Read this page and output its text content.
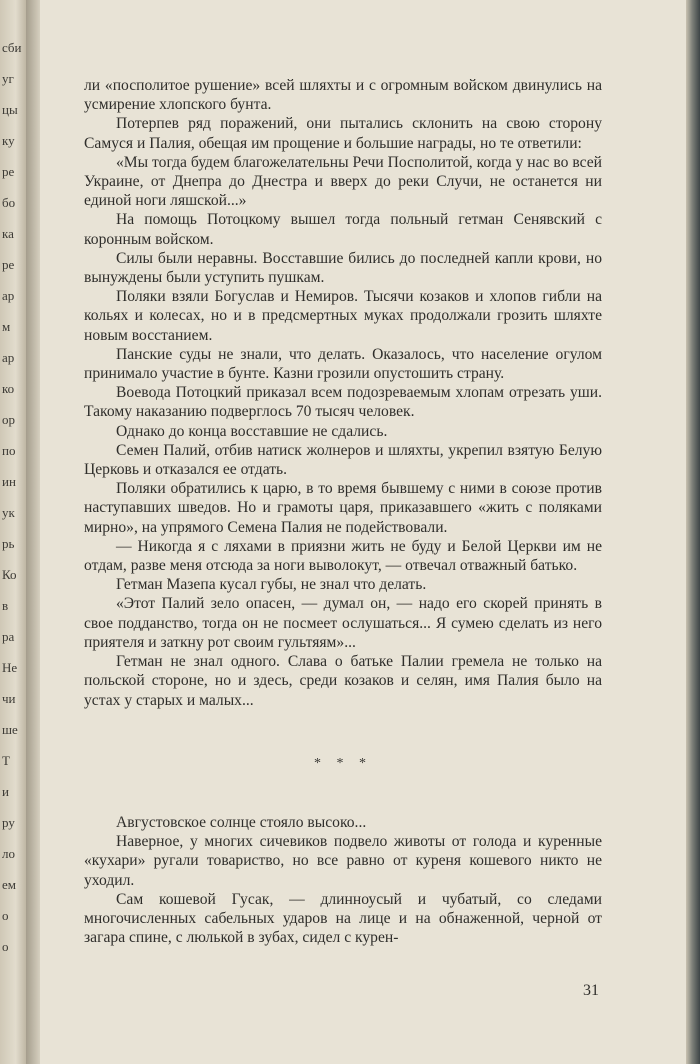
сби
уг
цы
ку
ре
бо
ка
ре
ар
м
ар
ко
ор
по
ин
ук
рь
Ко
в
ра
Не
чи
ше
Т
и
ру
ло
ем
о
о

ли «посполитое рушение» всей шляхты и с огромным войском двинулись на усмирение хлопского бунта.

Потерпев ряд поражений, они пытались склонить на свою сторону Самуся и Палия, обещая им прощение и большие награды, но те ответили:

«Мы тогда будем благожелательны Речи Посполитой, когда у нас во всей Украине, от Днепра до Днестра и вверх до реки Случи, не останется ни единой ноги ляшской...»

На помощь Потоцкому вышел тогда польный гетман Сенявский с коронным войском.

Силы были неравны. Восставшие бились до последней капли крови, но вынуждены были уступить пушкам.

Поляки взяли Богуслав и Немиров. Тысячи козаков и хлопов гибли на кольях и колесах, но и в предсмертных муках продолжали грозить шляхте новым восстанием.

Панские суды не знали, что делать. Оказалось, что население огулом принимало участие в бунте. Казни грозили опустошить страну.

Воевода Потоцкий приказал всем подозреваемым хлопам отрезать уши. Такому наказанию подверглось 70 тысяч человек.

Однако до конца восставшие не сдались.

Семен Палий, отбив натиск жолнеров и шляхты, укрепил взятую Белую Церковь и отказался ее отдать.

Поляки обратились к царю, в то время бывшему с ними в союзе против наступавших шведов. Но и грамоты царя, приказавшего «жить с поляками мирно», на упрямого Семена Палия не подействовали.

— Никогда я с ляхами в приязни жить не буду и Белой Церкви им не отдам, разве меня отсюда за ноги выволокут, — отвечал отважный батько.

Гетман Мазепа кусал губы, не знал что делать.

«Этот Палий зело опасен, — думал он, — надо его скорей принять в свое подданство, тогда он не посмеет ослушаться... Я сумею сделать из него приятеля и заткну рот своим гультяям»...

Гетман не знал одного. Слава о батьке Палии гремела не только на польской стороне, но и здесь, среди козаков и селян, имя Палия было на устах у старых и малых...

* * *

Августовское солнце стояло высоко...

Наверное, у многих сичевиков подвело животы от голода и куренные «кухари» ругали товариство, но все равно от куреня кошевого никто не уходил.

Сам кошевой Гусак, — длинноусый и чубатый, со следами многочисленных сабельных ударов на лице и на обнаженной, черной от загара спине, с люлькой в зубах, сидел с курен-

31
